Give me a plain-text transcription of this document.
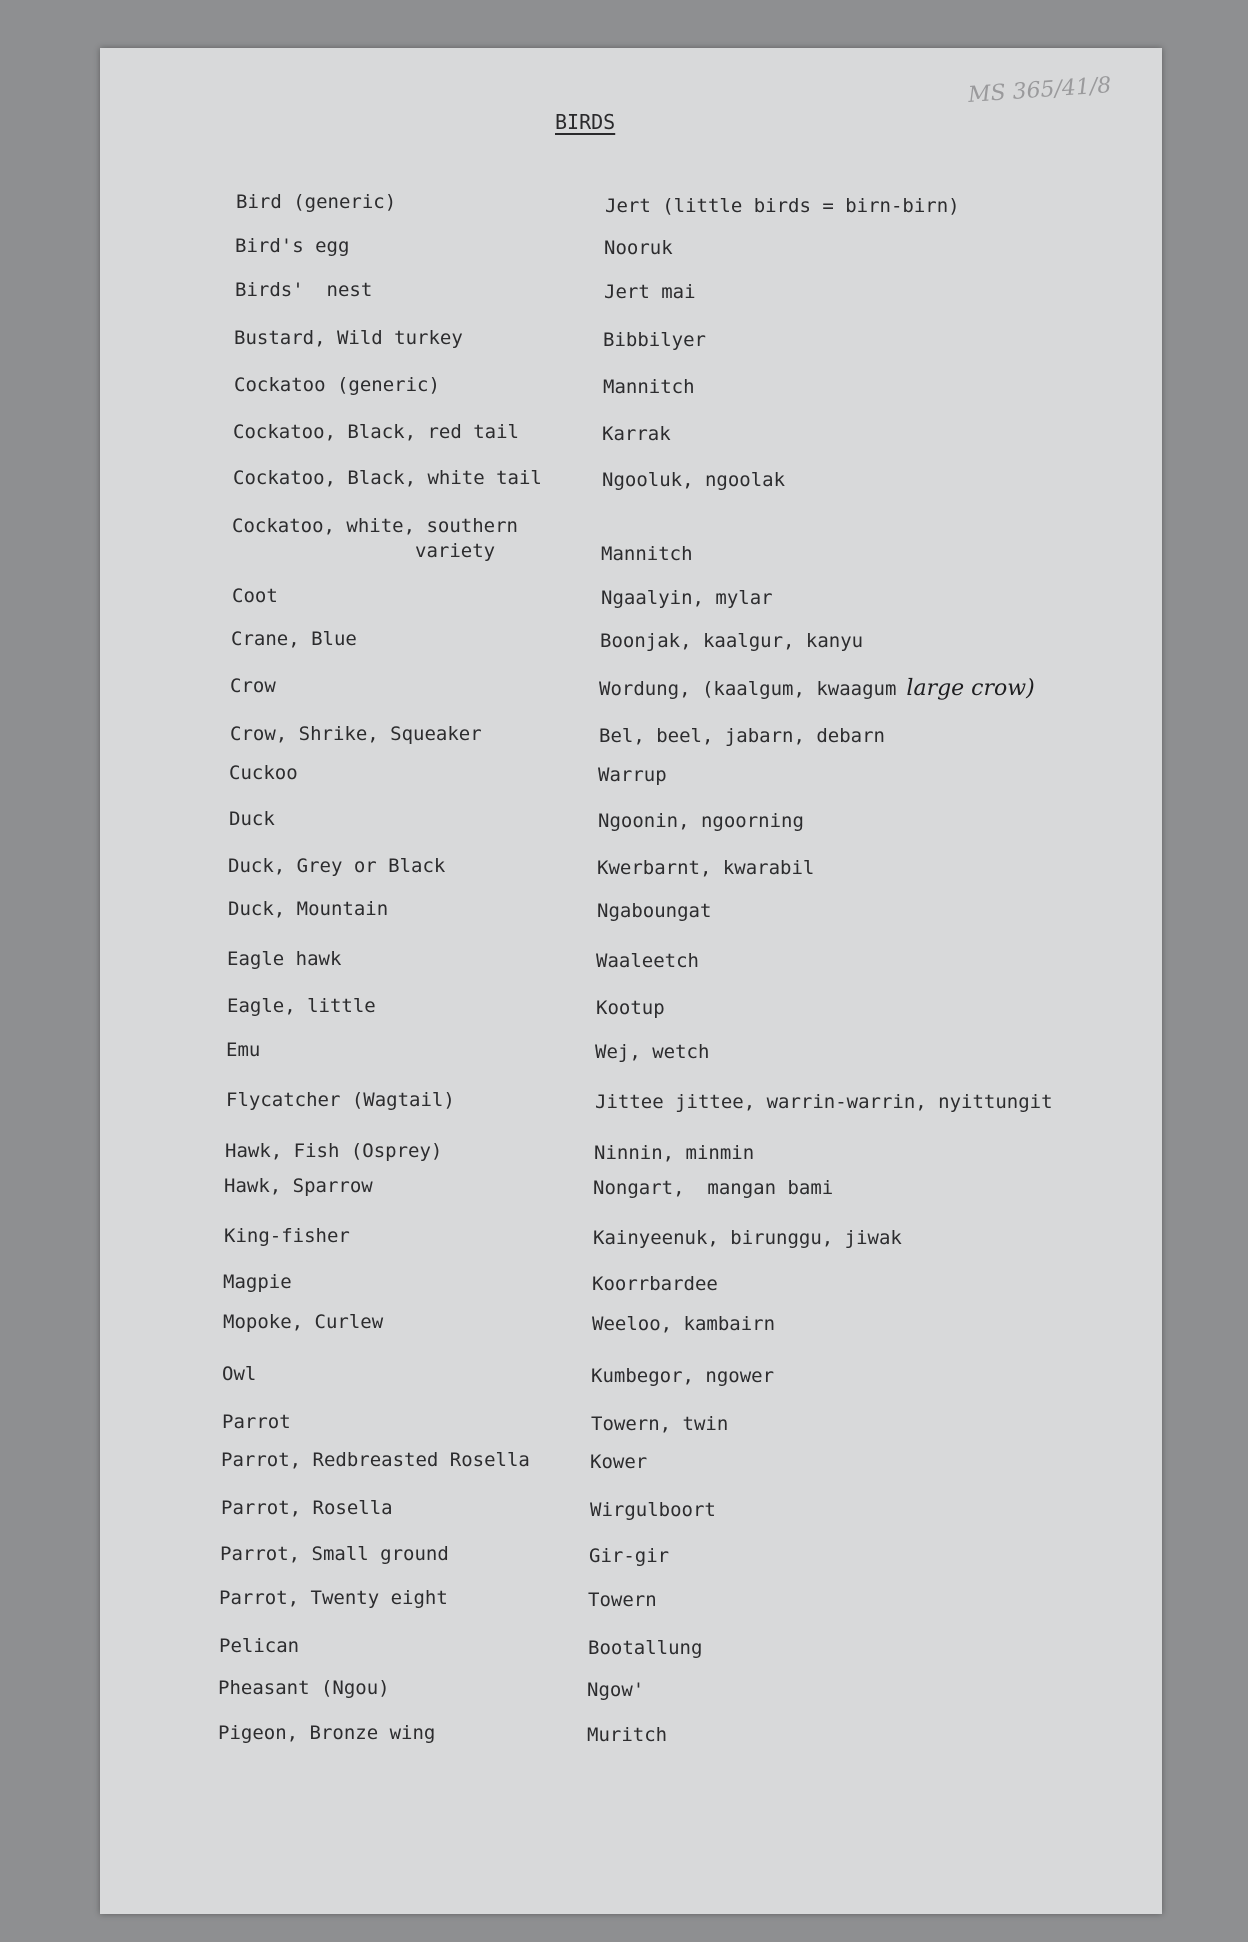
MS 365/41/8
BIRDS
Bird (generic)	Jert (little birds = birn-birn)
Bird's egg	Nooruk
Birds'  nest	Jert mai
Bustard, Wild turkey	Bibbilyer
Cockatoo (generic)	Mannitch
Cockatoo, Black, red tail	Karrak
Cockatoo, Black, white tail	Ngooluk, ngoolak
Cockatoo, white, southern
variety	Mannitch
Coot	Ngaalyin, mylar
Crane, Blue	Boonjak, kaalgur, kanyu
Crow	Wordung, (kaalgum, kwaagum large crow)
Crow, Shrike, Squeaker	Bel, beel, jabarn, debarn
Cuckoo	Warrup
Duck	Ngoonin, ngoorning
Duck, Grey or Black	Kwerbarnt, kwarabil
Duck, Mountain	Ngaboungat
Eagle hawk	Waaleetch
Eagle, little	Kootup
Emu	Wej, wetch
Flycatcher (Wagtail)	Jittee jittee, warrin-warrin, nyittungit
Hawk, Fish (Osprey)	Ninnin, minmin
Hawk, Sparrow	Nongart,  mangan bami
King-fisher	Kainyeenuk, birunggu, jiwak
Magpie	Koorrbardee
Mopoke, Curlew	Weeloo, kambairn
Owl	Kumbegor, ngower
Parrot	Towern, twin
Parrot, Redbreasted Rosella	Kower
Parrot, Rosella	Wirgulboort
Parrot, Small ground	Gir-gir
Parrot, Twenty eight	Towern
Pelican	Bootallung
Pheasant (Ngou)	Ngow'
Pigeon, Bronze wing	Muritch
